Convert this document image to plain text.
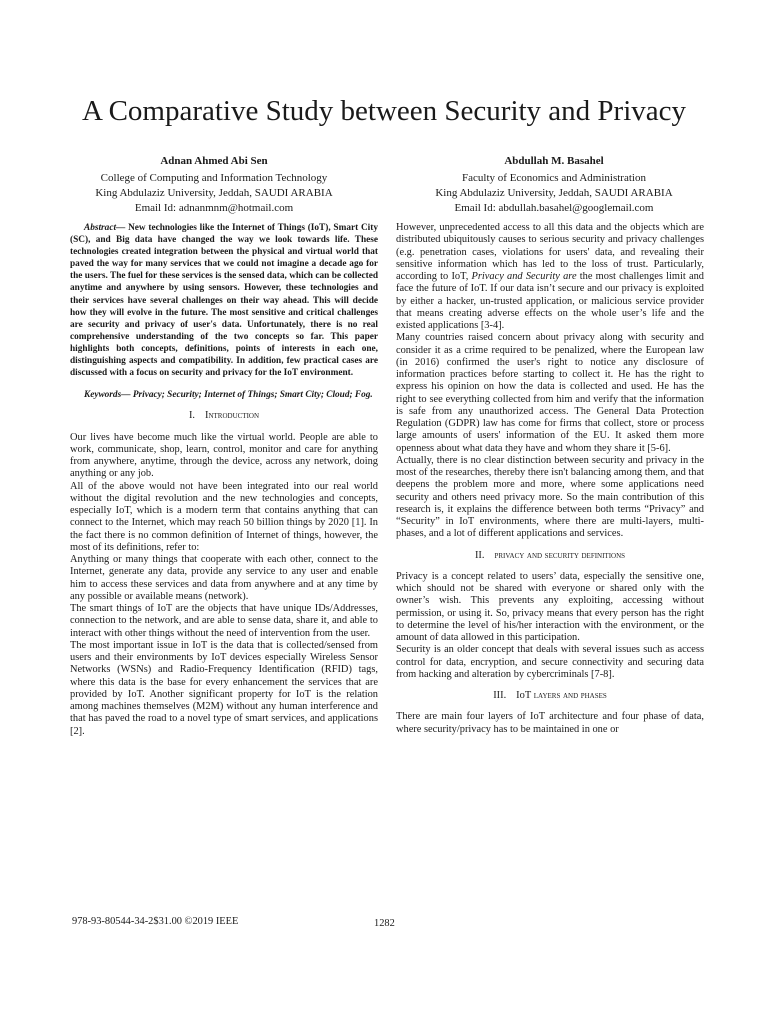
A Comparative Study between Security and Privacy
Adnan Ahmed Abi Sen
College of Computing and Information Technology
King Abdulaziz University, Jeddah, SAUDI ARABIA
Email Id: adnanmnm@hotmail.com
Abdullah M. Basahel
Faculty of Economics and Administration
King Abdulaziz University, Jeddah, SAUDI ARABIA
Email Id: abdullah.basahel@googlemail.com

Abstract— New technologies like the Internet of Things (IoT), Smart City (SC), and Big data have changed the way we look towards life. These technologies created integration between the physical and virtual world that paved the way for many services that we could not imagine a decade ago for the users. The fuel for these services is the sensed data, which can be collected anytime and anywhere by using sensors. However, these technologies and their services have several challenges on their way ahead. This will decide how they will evolve in the future. The most sensitive and critical challenges are security and privacy of user's data. Unfortunately, there is no real comprehensive understanding of the two concepts so far. This paper highlights both concepts, definitions, points of interests in each one, distinguishing aspects and compatibility. In addition, few practical cases are discussed with a focus on security and privacy for the IoT environment.

Keywords— Privacy; Security; Internet of Things; Smart City; Cloud; Fog.

I. Introduction

Our lives have become much like the virtual world. People are able to work, communicate, shop, learn, control, monitor and care for anything from anywhere, anytime, through the device, across any network, doing anything or any job.

All of the above would not have been integrated into our real world without the digital revolution and the new technologies and concepts, especially IoT, which is a modern term that contains anything that can connect to the Internet, which may reach 50 billion things by 2020 [1]. In the fact there is no common definition of Internet of things, however, the most of its definitions, refer to:

Anything or many things that cooperate with each other, connect to the Internet, generate any data, provide any service to any user and enable him to access these services and data from anywhere and at any time by any possible or available means (network).

The smart things of IoT are the objects that have unique IDs/Addresses, connection to the network, and are able to sense data, share it, and able to interact with other things without the need of intervention from the user.

The most important issue in IoT is the data that is collected/sensed from users and their environments by IoT devices especially Wireless Sensor Networks (WSNs) and Radio-Frequency Identification (RFID) tags, where this data is the base for every enhancement the services that are provided by IoT. Another significant property for IoT is the relation among machines themselves (M2M) without any human interference and that has paved the road to a novel type of smart services, and applications [2].

However, unprecedented access to all this data and the objects which are distributed ubiquitously causes to serious security and privacy challenges (e.g. penetration cases, violations for users' data, and revealing their sensitive information which has led to the loss of trust. Particularly, according to IoT, Privacy and Security are the most challenges limit and face the future of IoT. If our data isn’t secure and our privacy is exploited by either a hacker, un-trusted application, or malicious service provider that means creating adverse effects on the whole user’s life and the existed applications [3-4].

Many countries raised concern about privacy along with security and consider it as a crime required to be penalized, where the European law (in 2016) confirmed the user's right to notice any disclosure of information practices before starting to collect it. He has the right to express his opinion on how the data is collected and used. He has the right to see everything collected from him and verify that the information is safe from any unauthorized access. The General Data Protection Regulation (GDPR) law has come for firms that collect, store or process large amounts of users' information of the EU. It asked them more openness about what data they have and whom they share it [5-6].

Actually, there is no clear distinction between security and privacy in the most of the researches, thereby there isn't balancing among them, and that deepens the problem more and more, where some applications need security and others need privacy more. So the main contribution of this research is, it explains the difference between both terms “Privacy” and “Security” in IoT environments, where there are multi-layers, multi-phases, and a lot of different applications and services.

II. privacy and security definitions

Privacy is a concept related to users’ data, especially the sensitive one, which should not be shared with everyone or shared only with the owner’s wish. This prevents any exploiting, accessing without permission, or using it. So, privacy means that every person has the right to determine the level of his/her interaction with the environment, or the amount of data allowed in this participation.

Security is an older concept that deals with several issues such as access control for data, encryption, and secure connectivity and securing data from hacking and alteration by cybercriminals [7-8].

III. IoT layers and phases

There are main four layers of IoT architecture and four phase of data, where security/privacy has to be maintained in one or

978-93-80544-34-2$31.00 ©2019 IEEE	1282
